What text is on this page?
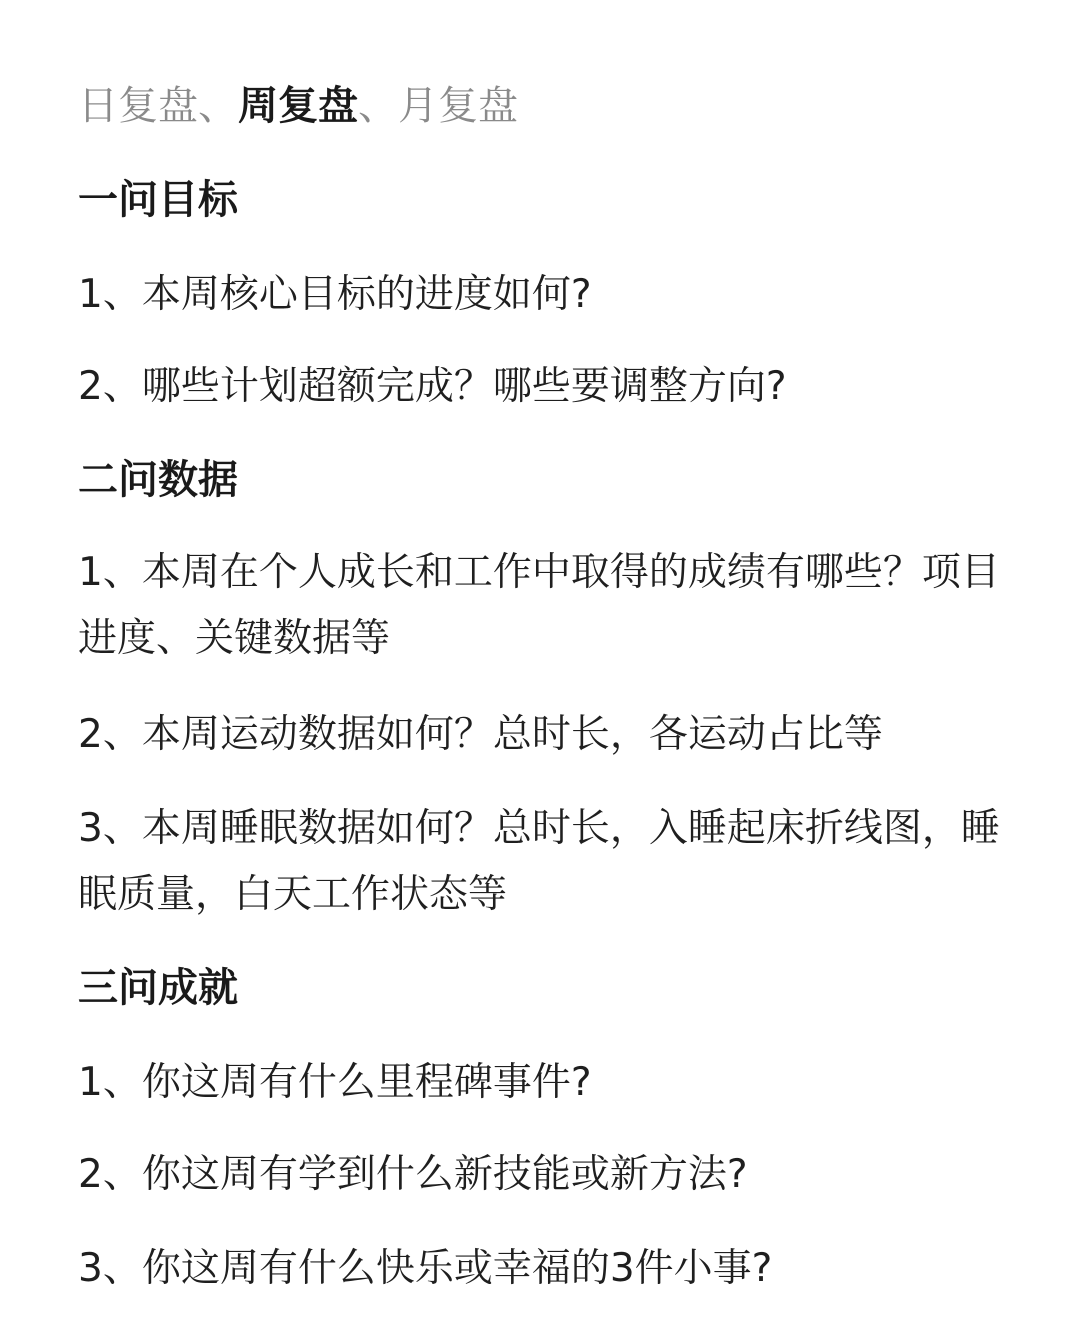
日复盘、周复盘、月复盘
一问目标
1、本周核心目标的进度如何?
2、哪些计划超额完成？哪些要调整方向?
二问数据
1、本周在个人成长和工作中取得的成绩有哪些？项目进度、关键数据等
2、本周运动数据如何？总时长，各运动占比等
3、本周睡眠数据如何？总时长，入睡起床折线图，睡眠质量，白天工作状态等
三问成就
1、你这周有什么里程碑事件?
2、你这周有学到什么新技能或新方法?
3、你这周有什么快乐或幸福的3件小事?
